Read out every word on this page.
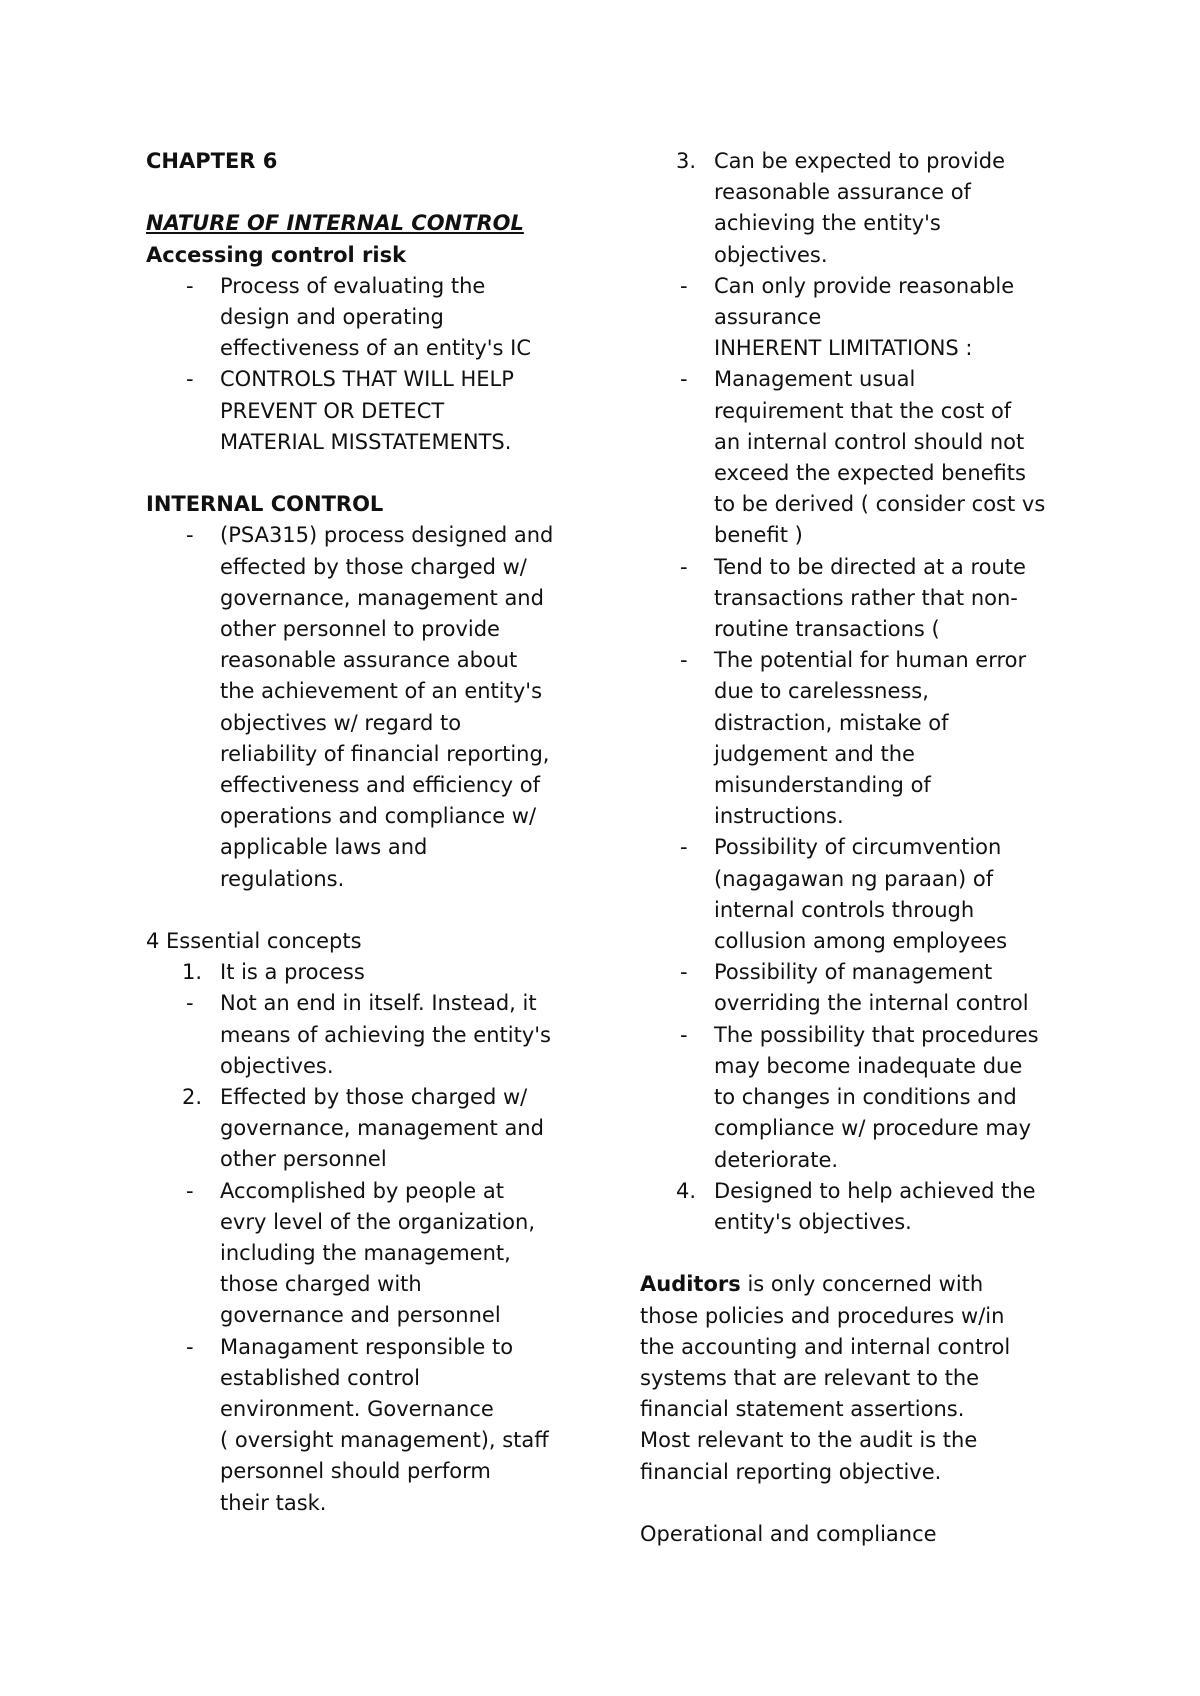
CHAPTER 6
NATURE OF INTERNAL CONTROL
Accessing control risk
- Process of evaluating the
design and operating
effectiveness of an entity's IC
- CONTROLS THAT WILL HELP
PREVENT OR DETECT
MATERIAL MISSTATEMENTS.
INTERNAL CONTROL
- (PSA315) process designed and
effected by those charged w/
governance, management and
other personnel to provide
reasonable assurance about
the achievement of an entity's
objectives w/ regard to
reliability of financial reporting,
effectiveness and efficiency of
operations and compliance w/
applicable laws and
regulations.
4 Essential concepts
1. It is a process
- Not an end in itself. Instead, it
means of achieving the entity's
objectives.
2. Effected by those charged w/
governance, management and
other personnel
- Accomplished by people at
evry level of the organization,
including the management,
those charged with
governance and personnel
- Managament responsible to
established control
environment. Governance
( oversight management), staff
personnel should perform
their task.
3. Can be expected to provide
reasonable assurance of
achieving the entity's
objectives.
- Can only provide reasonable
assurance
INHERENT LIMITATIONS :
- Management usual
requirement that the cost of
an internal control should not
exceed the expected benefits
to be derived ( consider cost vs
benefit )
- Tend to be directed at a route
transactions rather that non-
routine transactions (
- The potential for human error
due to carelessness,
distraction, mistake of
judgement and the
misunderstanding of
instructions.
- Possibility of circumvention
(nagagawan ng paraan) of
internal controls through
collusion among employees
- Possibility of management
overriding the internal control
- The possibility that procedures
may become inadequate due
to changes in conditions and
compliance w/ procedure may
deteriorate.
4. Designed to help achieved the
entity's objectives.
Auditors is only concerned with
those policies and procedures w/in
the accounting and internal control
systems that are relevant to the
financial statement assertions.
Most relevant to the audit is the
financial reporting objective.
Operational and compliance
